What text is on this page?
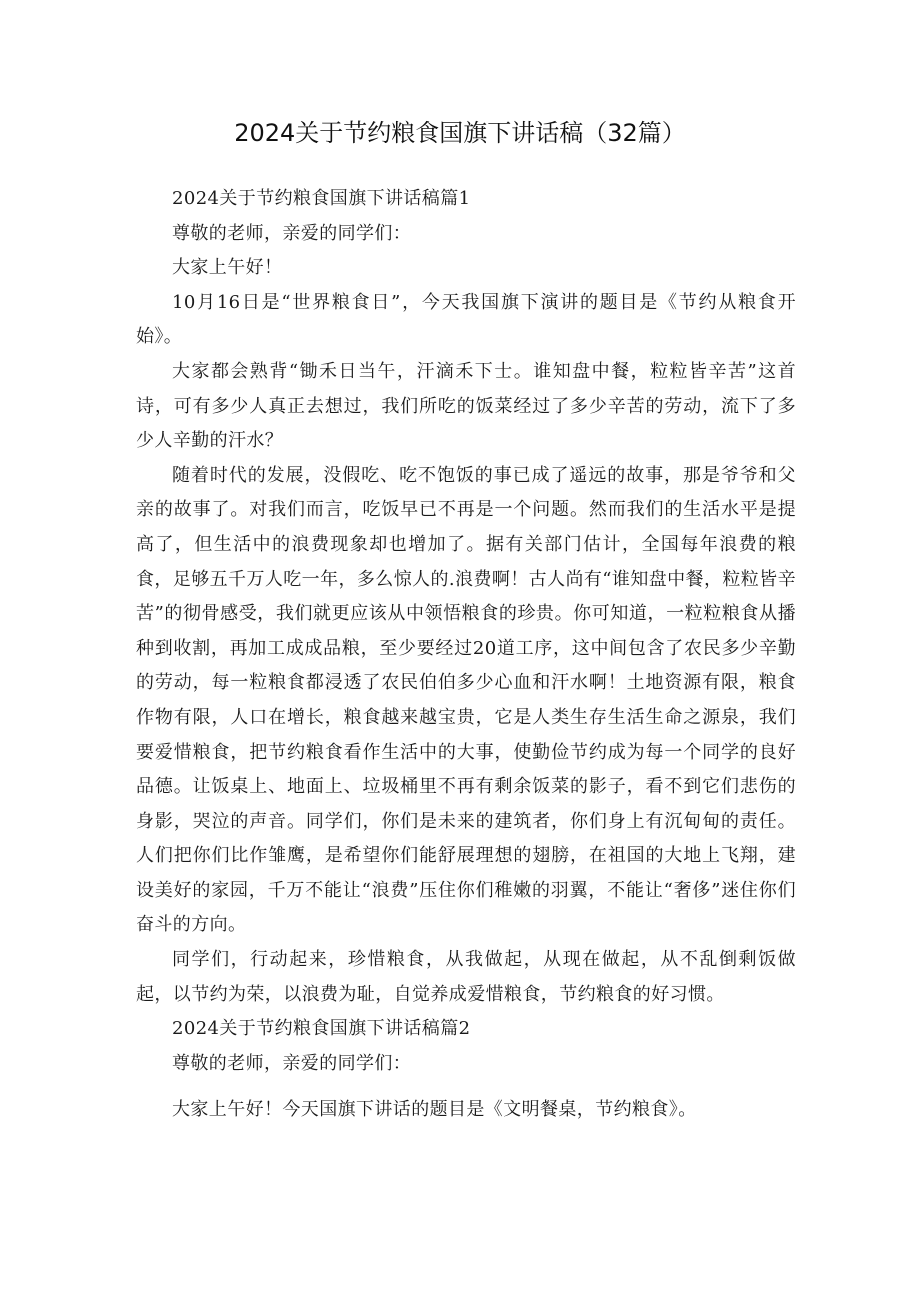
2024关于节约粮食国旗下讲话稿（32篇）

2024关于节约粮食国旗下讲话稿篇1

尊敬的老师，亲爱的同学们：

大家上午好！

10月16日是“世界粮食日”，今天我国旗下演讲的题目是《节约从粮食开始》。

大家都会熟背“锄禾日当午，汗滴禾下士。谁知盘中餐，粒粒皆辛苦”这首诗，可有多少人真正去想过，我们所吃的饭菜经过了多少辛苦的劳动，流下了多少人辛勤的汗水？

随着时代的发展，没假吃、吃不饱饭的事已成了遥远的故事，那是爷爷和父亲的故事了。对我们而言，吃饭早已不再是一个问题。然而我们的生活水平是提高了，但生活中的浪费现象却也增加了。据有关部门估计，全国每年浪费的粮食，足够五千万人吃一年，多么惊人的.浪费啊！古人尚有“谁知盘中餐，粒粒皆辛苦”的彻骨感受，我们就更应该从中领悟粮食的珍贵。你可知道，一粒粒粮食从播种到收割，再加工成成品粮，至少要经过20道工序，这中间包含了农民多少辛勤的劳动，每一粒粮食都浸透了农民伯伯多少心血和汗水啊！土地资源有限，粮食作物有限，人口在增长，粮食越来越宝贵，它是人类生存生活生命之源泉，我们要爱惜粮食，把节约粮食看作生活中的大事，使勤俭节约成为每一个同学的良好品德。让饭桌上、地面上、垃圾桶里不再有剩余饭菜的影子，看不到它们悲伤的身影，哭泣的声音。同学们，你们是未来的建筑者，你们身上有沉甸甸的责任。人们把你们比作雏鹰，是希望你们能舒展理想的翅膀，在祖国的大地上飞翔，建设美好的家园，千万不能让“浪费”压住你们稚嫩的羽翼，不能让“奢侈”迷住你们奋斗的方向。

同学们，行动起来，珍惜粮食，从我做起，从现在做起，从不乱倒剩饭做起，以节约为荣，以浪费为耻，自觉养成爱惜粮食，节约粮食的好习惯。

2024关于节约粮食国旗下讲话稿篇2

尊敬的老师，亲爱的同学们：

大家上午好！今天国旗下讲话的题目是《文明餐桌，节约粮食》。
